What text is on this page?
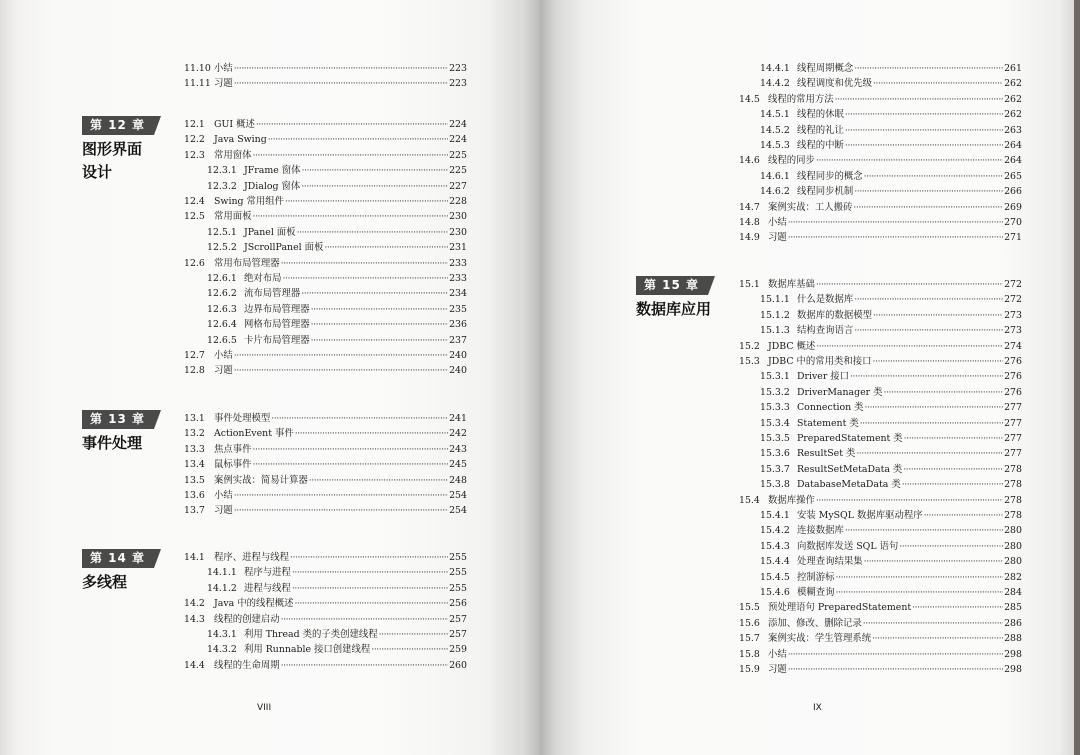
11.10 小结 ·····	223
11.11 习题 ·····	223
第 12 章
图形界面
设计
12.1 GUI 概述 ·····	224
12.2 Java Swing ·····	224
12.3 常用窗体 ·····	225
12.3.1 JFrame 窗体 ·····	225
12.3.2 JDialog 窗体 ·····	227
12.4 Swing 常用组件 ·····	228
12.5 常用面板 ·····	230
12.5.1 JPanel 面板 ·····	230
12.5.2 JScrollPanel 面板 ·····	231
12.6 常用布局管理器 ·····	233
12.6.1 绝对布局 ·····	233
12.6.2 流布局管理器 ·····	234
12.6.3 边界布局管理器 ·····	235
12.6.4 网格布局管理器 ·····	236
12.6.5 卡片布局管理器 ·····	237
12.7 小结 ·····	240
12.8 习题 ·····	240
第 13 章
事件处理
13.1 事件处理模型 ·····	241
13.2 ActionEvent 事件 ·····	242
13.3 焦点事件 ·····	243
13.4 鼠标事件 ·····	245
13.5 案例实战：简易计算器 ·····	248
13.6 小结 ·····	254
13.7 习题 ·····	254
第 14 章
多线程
14.1 程序、进程与线程 ·····	255
14.1.1 程序与进程 ·····	255
14.1.2 进程与线程 ·····	255
14.2 Java 中的线程概述 ·····	256
14.3 线程的创建启动 ·····	257
14.3.1 利用 Thread 类的子类创建线程 ·····	257
14.3.2 利用 Runnable 接口创建线程 ·····	259
14.4 线程的生命周期 ·····	260
VIII
14.4.1 线程周期概念 ·····	261
14.4.2 线程调度和优先级 ·····	262
14.5 线程的常用方法 ·····	262
14.5.1 线程的休眠 ·····	262
14.5.2 线程的礼让 ·····	263
14.5.3 线程的中断 ·····	264
14.6 线程的同步 ·····	264
14.6.1 线程同步的概念 ·····	265
14.6.2 线程同步机制 ·····	266
14.7 案例实战：工人搬砖 ·····	269
14.8 小结 ·····	270
14.9 习题 ·····	271
第 15 章
数据库应用
15.1 数据库基础 ·····	272
15.1.1 什么是数据库 ·····	272
15.1.2 数据库的数据模型 ·····	273
15.1.3 结构查询语言 ·····	273
15.2 JDBC 概述 ·····	274
15.3 JDBC 中的常用类和接口 ·····	276
15.3.1 Driver 接口 ·····	276
15.3.2 DriverManager 类 ·····	276
15.3.3 Connection 类 ·····	277
15.3.4 Statement 类 ·····	277
15.3.5 PreparedStatement 类 ·····	277
15.3.6 ResultSet 类 ·····	277
15.3.7 ResultSetMetaData 类 ·····	278
15.3.8 DatabaseMetaData 类 ·····	278
15.4 数据库操作 ·····	278
15.4.1 安装 MySQL 数据库驱动程序 ·····	278
15.4.2 连接数据库 ·····	280
15.4.3 向数据库发送 SQL 语句 ·····	280
15.4.4 处理查询结果集 ·····	280
15.4.5 控制游标 ·····	282
15.4.6 模糊查询 ·····	284
15.5 预处理语句 PreparedStatement ·····	285
15.6 添加、修改、删除记录 ·····	286
15.7 案例实战：学生管理系统 ·····	288
15.8 小结 ·····	298
15.9 习题 ·····	298
IX
